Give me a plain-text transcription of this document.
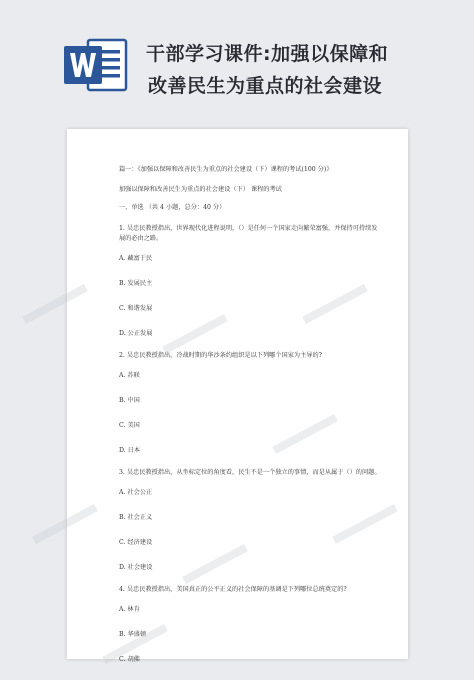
干部学习课件:加强以保障和
改善民生为重点的社会建设

篇一：《加强以保障和改善民生为重点的社会建设（下）课程的考试(100 分)》

加强以保障和改善民生为重点的社会建设（下） 课程的考试

一、单选 （共 4 小题，总分：40 分）

1. 吴忠民教授指出，世界现代化进程说明，（）是任何一个国家走向繁荣富强，并保持可持续发展的必由之路。

A. 藏富于民

B. 发展民主

C. 和谐发展

D. 公正发展

2. 吴忠民教授指出，冷战时期的华沙条约组织是以下列哪个国家为主导的?

A. 苏联

B. 中国

C. 美国

D. 日本

3. 吴忠民教授指出，从坐标定位的角度看，民生不是一个独立的事情，而是从属于（）的问题。

A. 社会公正

B. 社会正义

C. 经济建设

D. 社会建设

4. 吴忠民教授指出，美国真正的公平正义的社会保障的基调是下列哪位总统奠定的?

A. 林肯

B. 华盛顿

C. 胡佛
